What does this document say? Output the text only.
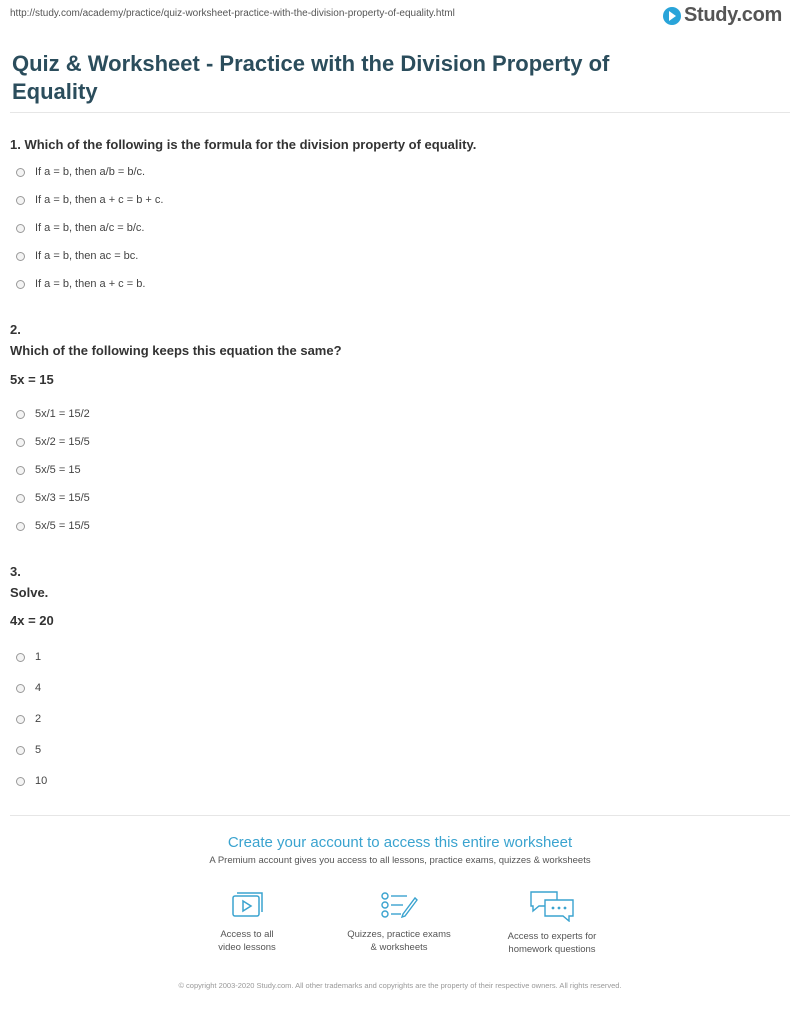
http://study.com/academy/practice/quiz-worksheet-practice-with-the-division-property-of-equality.html	Study.com
Quiz & Worksheet - Practice with the Division Property of Equality
1. Which of the following is the formula for the division property of equality.
If a = b, then a/b = b/c.
If a = b, then a + c = b + c.
If a = b, then a/c = b/c.
If a = b, then ac = bc.
If a = b, then a + c = b.
2.
Which of the following keeps this equation the same?
5x = 15
5x/1 = 15/2
5x/2 = 15/5
5x/5 = 15
5x/3 = 15/5
5x/5 = 15/5
3.
Solve.
4x = 20
1
4
2
5
10
Create your account to access this entire worksheet
A Premium account gives you access to all lessons, practice exams, quizzes & worksheets
Access to all
video lessons
Quizzes, practice exams
& worksheets
Access to experts for
homework questions
© copyright 2003-2020 Study.com. All other trademarks and copyrights are the property of their respective owners. All rights reserved.
